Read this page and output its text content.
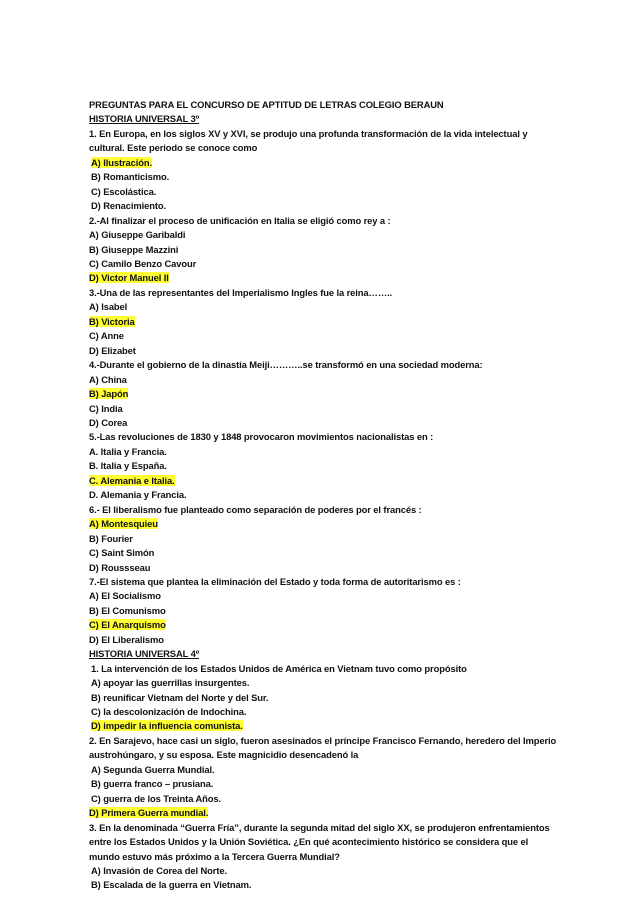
PREGUNTAS PARA EL CONCURSO DE APTITUD DE LETRAS COLEGIO BERAUN
HISTORIA UNIVERSAL 3º
1. En Europa, en los siglos XV y XVI, se produjo una profunda transformación de la vida intelectual y cultural. Este periodo se conoce como
A) Ilustración.
B) Romanticismo.
C) Escolástica.
D) Renacimiento.
2.-Al finalizar el proceso de unificación en Italia se eligió como rey a :
A) Giuseppe Garibaldi
B) Giuseppe Mazzini
C) Camilo Benzo Cavour
D) Victor Manuel II
3.-Una de las representantes del Imperialismo Ingles fue la reina……..
A) Isabel
B) Victoria
C) Anne
D) Elizabet
4.-Durante el gobierno de la dinastía Meiji………..se transformó en una sociedad moderna:
A) China
B) Japón
C) India
D) Corea
5.-Las revoluciones de 1830 y 1848 provocaron movimientos nacionalistas en :
A. Italia y Francia.
B. Italia y España.
C. Alemania e Italia.
D. Alemania y Francia.
6.- El liberalismo fue planteado como separación de poderes por el francés :
A) Montesquieu
B) Fourier
C) Saint Simón
D) Roussseau
7.-El sistema que plantea la eliminación del Estado y toda forma de autoritarismo es :
A) El Socialismo
B) El Comunismo
C) El Anarquismo
D) El Liberalismo
HISTORIA UNIVERSAL 4º
1. La intervención de los Estados Unidos de América en Vietnam tuvo como propósito
A) apoyar las guerrillas insurgentes.
B) reunificar Vietnam del Norte y del Sur.
C) la descolonización de Indochina.
D) impedir la influencia comunista.
2. En Sarajevo, hace casi un siglo, fueron asesinados el príncipe Francisco Fernando, heredero del Imperio austrohúngaro, y su esposa. Este magnicidio desencadenó la
A) Segunda Guerra Mundial.
B) guerra franco – prusiana.
C) guerra de los Treinta Años.
D) Primera Guerra mundial.
3. En la denominada “Guerra Fría”, durante la segunda mitad del siglo XX, se produjeron enfrentamientos entre los Estados Unidos y la Unión Soviética. ¿En qué acontecimiento histórico se considera que el mundo estuvo más próximo a la Tercera Guerra Mundial?
A) Invasión de Corea del Norte.
B) Escalada de la guerra en Vietnam.
